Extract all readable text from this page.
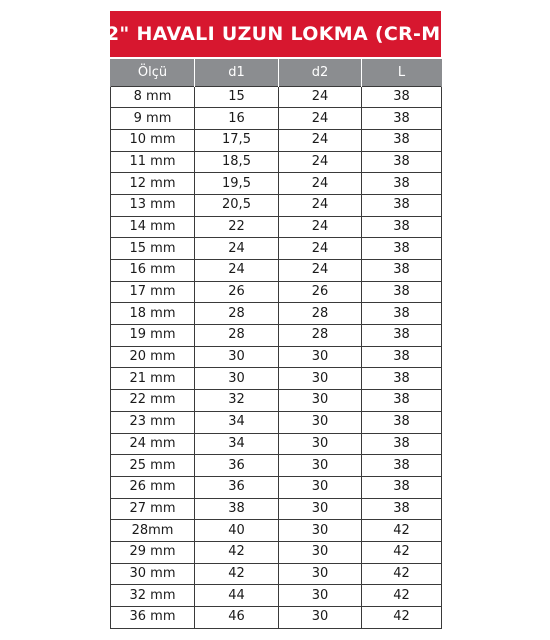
1/2" HAVALI UZUN LOKMA (CR-MO)
Ölçü	d1	d2	L
8 mm	15	24	38
9 mm	16	24	38
10 mm	17,5	24	38
11 mm	18,5	24	38
12 mm	19,5	24	38
13 mm	20,5	24	38
14 mm	22	24	38
15 mm	24	24	38
16 mm	24	24	38
17 mm	26	26	38
18 mm	28	28	38
19 mm	28	28	38
20 mm	30	30	38
21 mm	30	30	38
22 mm	32	30	38
23 mm	34	30	38
24 mm	34	30	38
25 mm	36	30	38
26 mm	36	30	38
27 mm	38	30	38
28mm	40	30	42
29 mm	42	30	42
30 mm	42	30	42
32 mm	44	30	42
36 mm	46	30	42
